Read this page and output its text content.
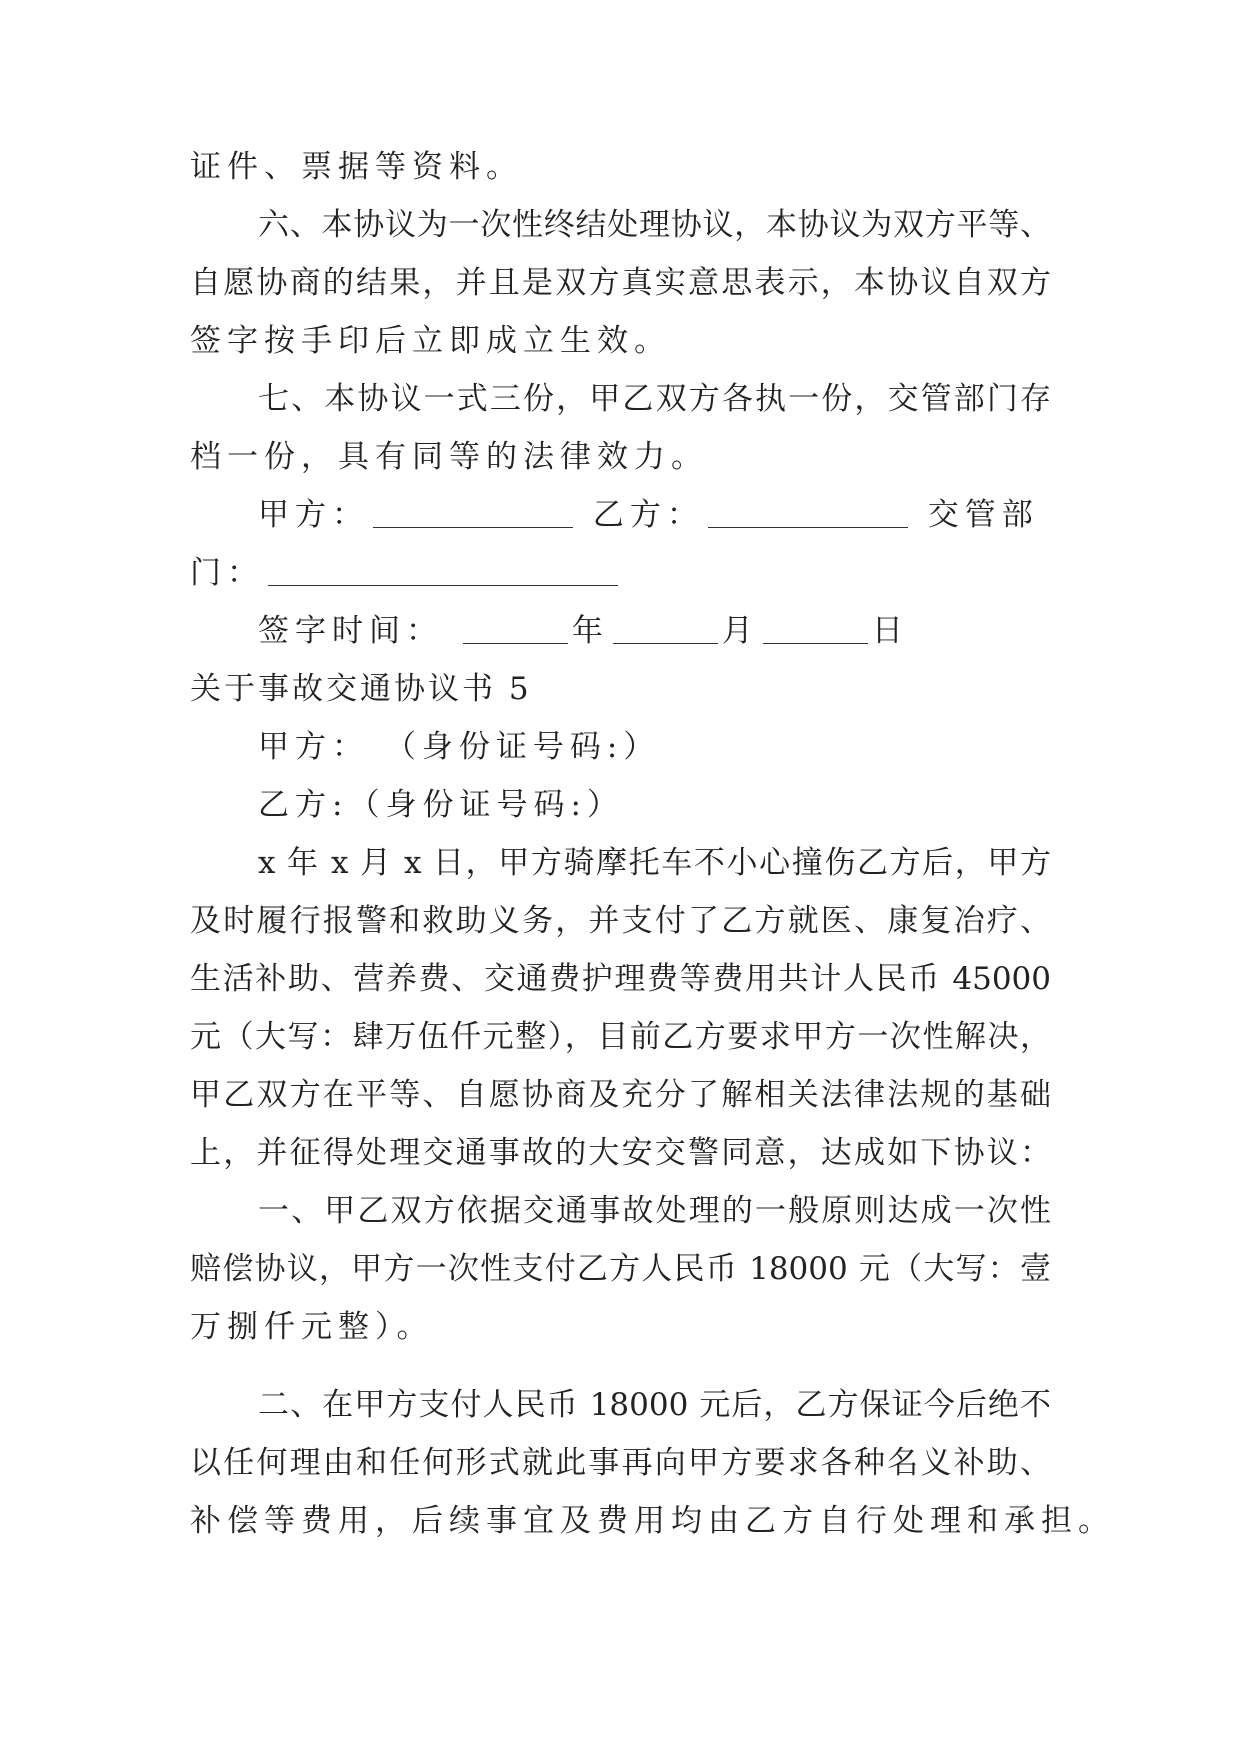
证件、票据等资料。
六、本协议为一次性终结处理协议，本协议为双方平等、
自愿协商的结果，并且是双方真实意思表示，本协议自双方
签字按手印后立即成立生效。
七、本协议一式三份，甲乙双方各执一份，交管部门存
档一份，具有同等的法律效力。
甲方：	乙方：	交管部
门：
签字时间：	年	月	日
关于事故交通协议书 5
甲方： （身份证号码:）
乙方:（身份证号码:）
x 年 x 月 x 日，甲方骑摩托车不小心撞伤乙方后，甲方
及时履行报警和救助义务，并支付了乙方就医、康复冶疗、
生活补助、营养费、交通费护理费等费用共计人民币 45000
元（大写：肆万伍仟元整），目前乙方要求甲方一次性解决，
甲乙双方在平等、自愿协商及充分了解相关法律法规的基础
上，并征得处理交通事故的大安交警同意，达成如下协议：
一、甲乙双方依据交通事故处理的一般原则达成一次性
赔偿协议，甲方一次性支付乙方人民币 18000 元（大写：壹
万捌仟元整）。
二、在甲方支付人民币 18000 元后，乙方保证今后绝不
以任何理由和任何形式就此事再向甲方要求各种名义补助、
补偿等费用，后续事宜及费用均由乙方自行处理和承担。
